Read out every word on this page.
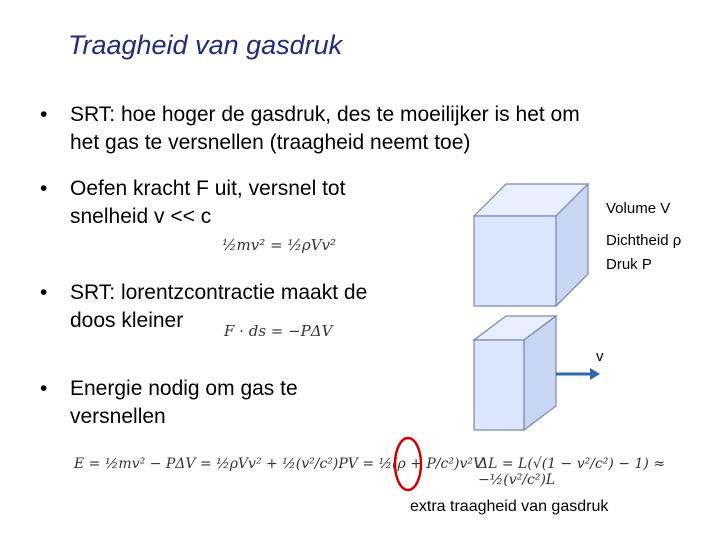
Traagheid van gasdruk
• SRT: hoe hoger de gasdruk, des te moeilijker is het om
het gas te versnellen (traagheid neemt toe)
• Oefen kracht F uit, versnel tot
snelheid v << c
• SRT: lorentzcontractie maakt de
doos kleiner
• Energie nodig om gas te
versnellen
½mv² = ½ρVv²
F · ds = −PΔV
E = ½mv² − PΔV = ½ρVv² + ½(v²/c²)PV = ½(ρ + P/c²)v²V
ΔL = L(√(1 − v²/c²) − 1) ≈ −½(v²/c²)L
Volume V
Dichtheid ρ
Druk P
v
extra traagheid van gasdruk
